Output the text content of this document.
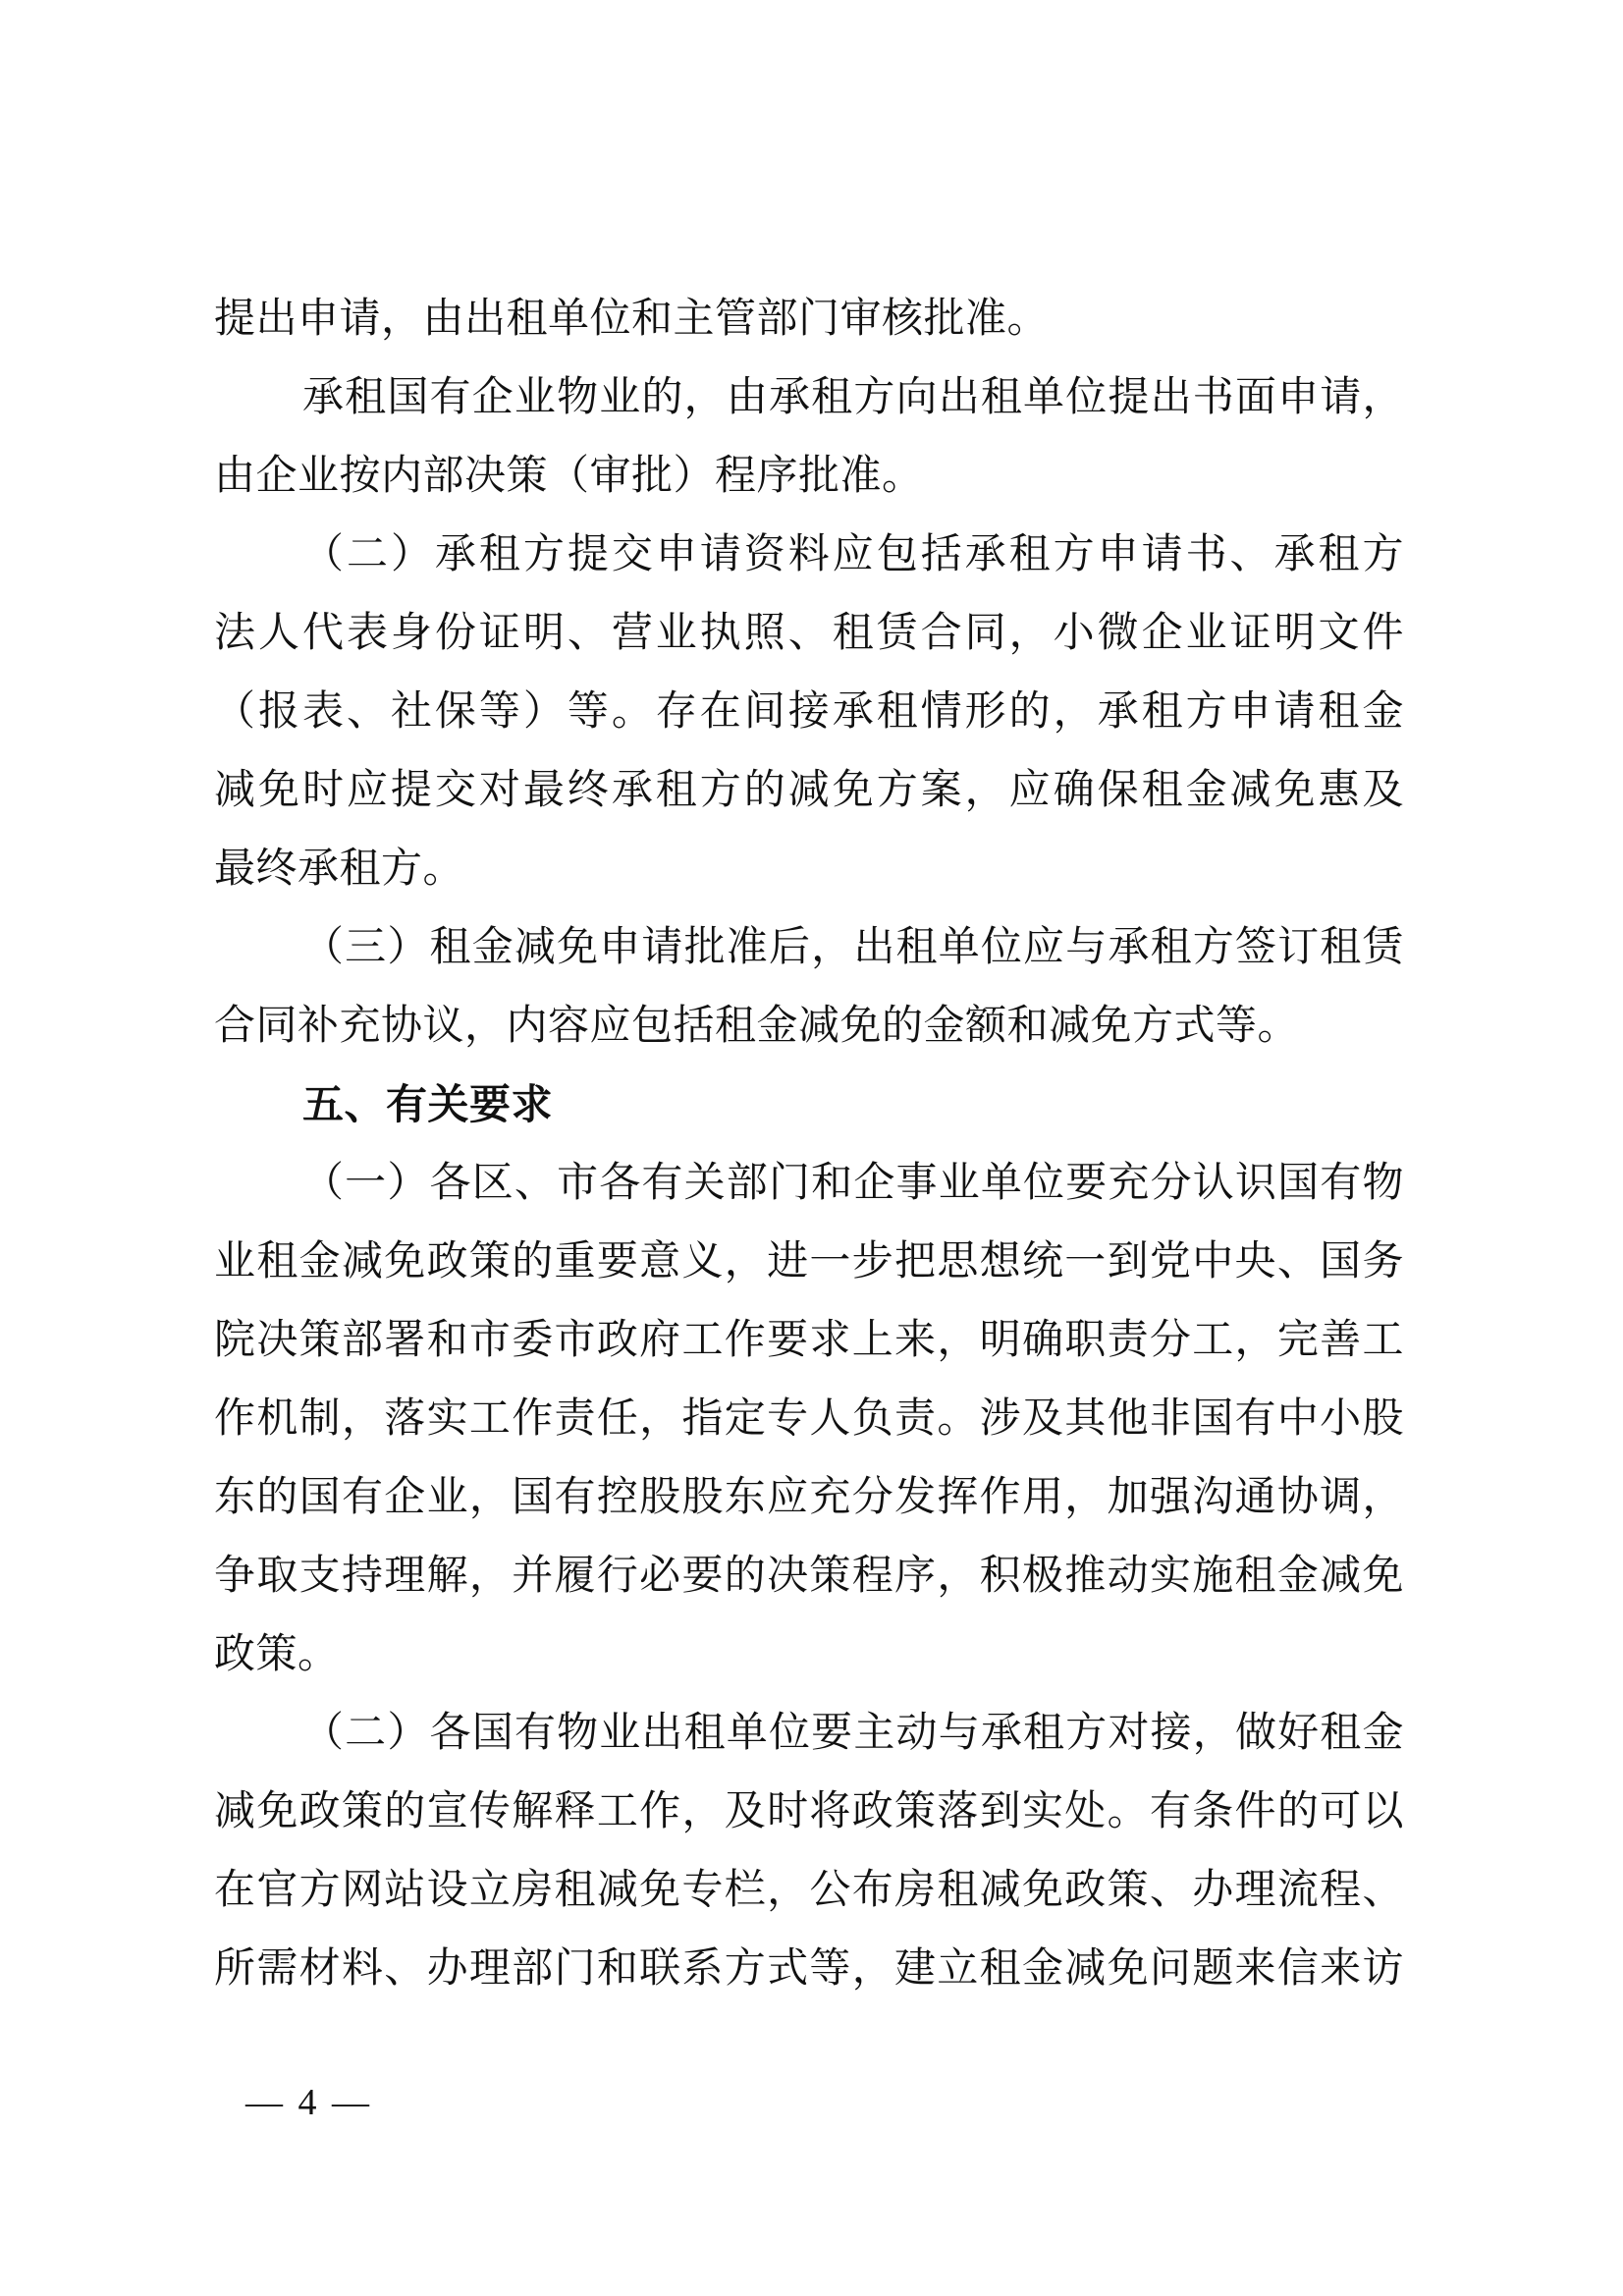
提出申请，由出租单位和主管部门审核批准。
承租国有企业物业的，由承租方向出租单位提出书面申请，
由企业按内部决策（审批）程序批准。
（二）承租方提交申请资料应包括承租方申请书、承租方
法人代表身份证明、营业执照、租赁合同，小微企业证明文件
（报表、社保等）等。存在间接承租情形的，承租方申请租金
减免时应提交对最终承租方的减免方案，应确保租金减免惠及
最终承租方。
（三）租金减免申请批准后，出租单位应与承租方签订租赁
合同补充协议，内容应包括租金减免的金额和减免方式等。
五、有关要求
（一）各区、市各有关部门和企事业单位要充分认识国有物
业租金减免政策的重要意义，进一步把思想统一到党中央、国务
院决策部署和市委市政府工作要求上来，明确职责分工，完善工
作机制，落实工作责任，指定专人负责。涉及其他非国有中小股
东的国有企业，国有控股股东应充分发挥作用，加强沟通协调，
争取支持理解，并履行必要的决策程序，积极推动实施租金减免
政策。
（二）各国有物业出租单位要主动与承租方对接，做好租金
减免政策的宣传解释工作，及时将政策落到实处。有条件的可以
在官方网站设立房租减免专栏，公布房租减免政策、办理流程、
所需材料、办理部门和联系方式等，建立租金减免问题来信来访
— 4 —
